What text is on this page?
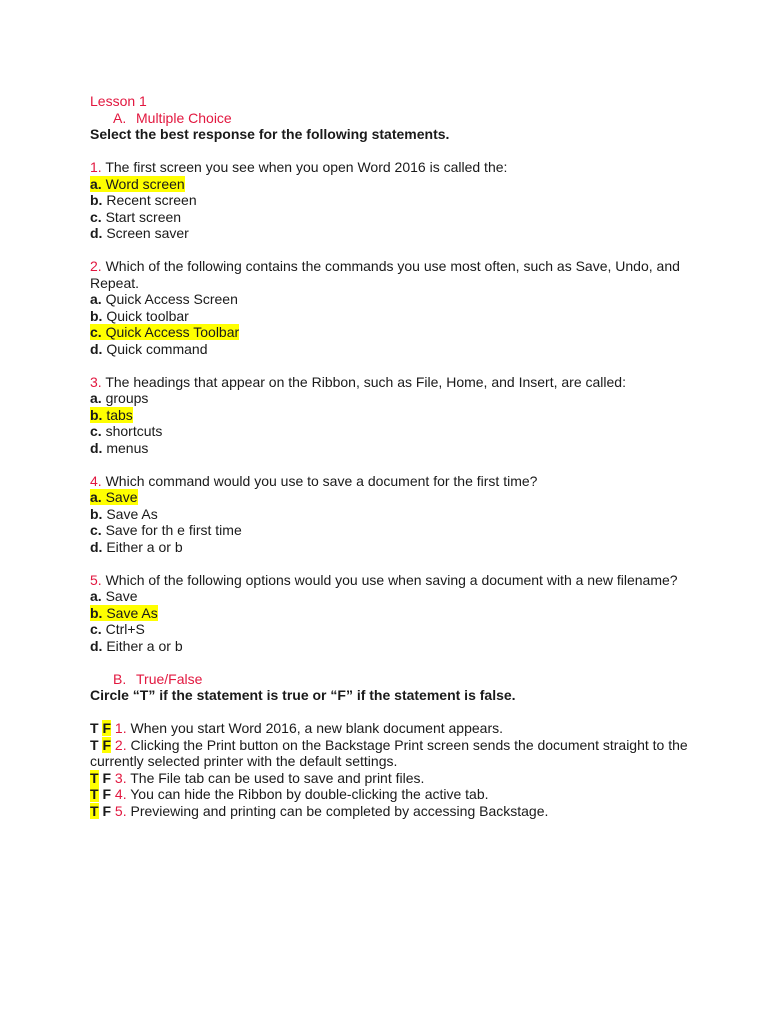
Lesson 1

A. Multiple Choice

Select the best response for the following statements.

1. The first screen you see when you open Word 2016 is called the:

a. Word screen

b. Recent screen

c. Start screen

d. Screen saver

2. Which of the following contains the commands you use most often, such as Save, Undo, and Repeat.

a. Quick Access Screen

b. Quick toolbar

c. Quick Access Toolbar

d. Quick command

3. The headings that appear on the Ribbon, such as File, Home, and Insert, are called:

a. groups

b. tabs

c. shortcuts

d. menus

4. Which command would you use to save a document for the first time?

a. Save

b. Save As

c. Save for th e first time

d. Either a or b

5. Which of the following options would you use when saving a document with a new filename?

a. Save

b. Save As

c. Ctrl+S

d. Either a or b

B. True/False

Circle “T” if the statement is true or “F” if the statement is false.

T F 1. When you start Word 2016, a new blank document appears.

T F 2. Clicking the Print button on the Backstage Print screen sends the document straight to the currently selected printer with the default settings.

T F 3. The File tab can be used to save and print files.

T F 4. You can hide the Ribbon by double-clicking the active tab.

T F 5. Previewing and printing can be completed by accessing Backstage.
